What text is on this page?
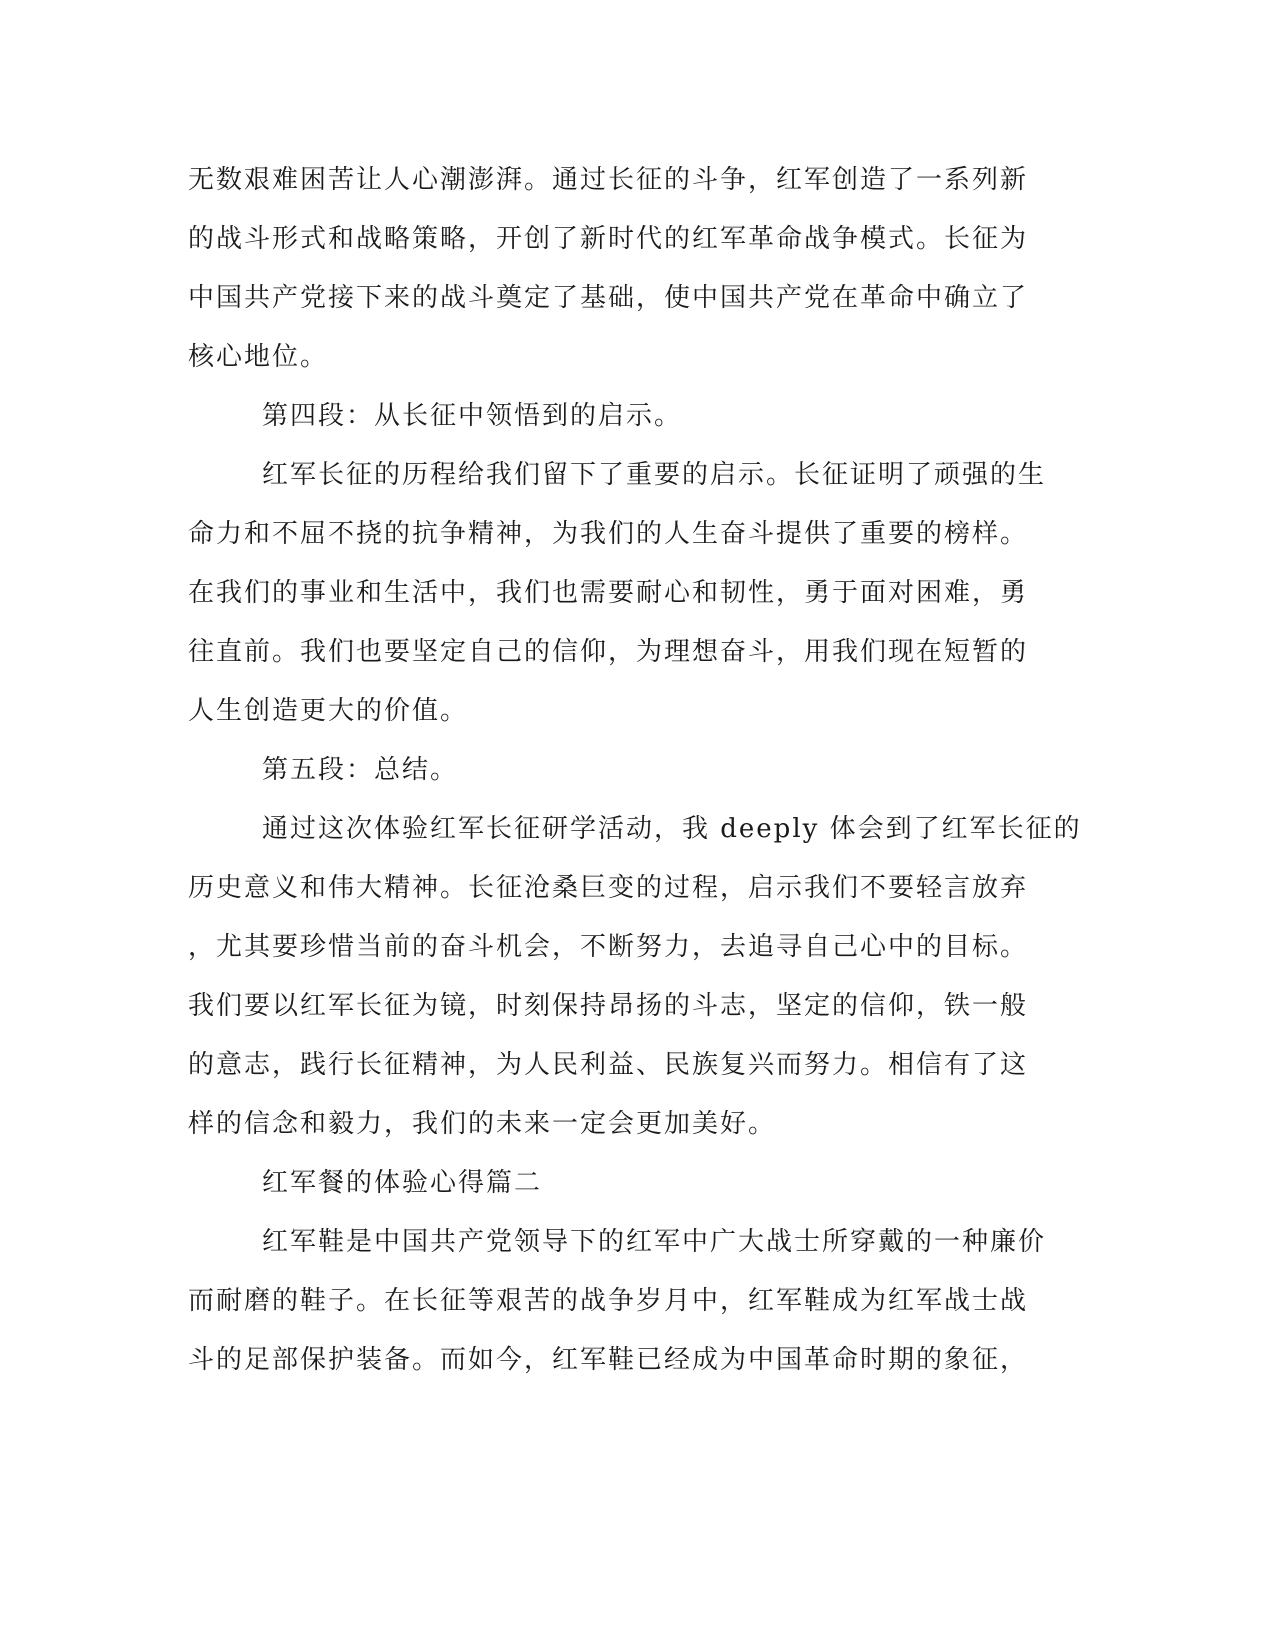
无数艰难困苦让人心潮澎湃。通过长征的斗争，红军创造了一系列新
的战斗形式和战略策略，开创了新时代的红军革命战争模式。长征为
中国共产党接下来的战斗奠定了基础，使中国共产党在革命中确立了
核心地位。
第四段：从长征中领悟到的启示。
红军长征的历程给我们留下了重要的启示。长征证明了顽强的生
命力和不屈不挠的抗争精神，为我们的人生奋斗提供了重要的榜样。
在我们的事业和生活中，我们也需要耐心和韧性，勇于面对困难，勇
往直前。我们也要坚定自己的信仰，为理想奋斗，用我们现在短暂的
人生创造更大的价值。
第五段：总结。
通过这次体验红军长征研学活动，我 deeply 体会到了红军长征的
历史意义和伟大精神。长征沧桑巨变的过程，启示我们不要轻言放弃
，尤其要珍惜当前的奋斗机会，不断努力，去追寻自己心中的目标。
我们要以红军长征为镜，时刻保持昂扬的斗志，坚定的信仰，铁一般
的意志，践行长征精神，为人民利益、民族复兴而努力。相信有了这
样的信念和毅力，我们的未来一定会更加美好。
红军餐的体验心得篇二
红军鞋是中国共产党领导下的红军中广大战士所穿戴的一种廉价
而耐磨的鞋子。在长征等艰苦的战争岁月中，红军鞋成为红军战士战
斗的足部保护装备。而如今，红军鞋已经成为中国革命时期的象征，
